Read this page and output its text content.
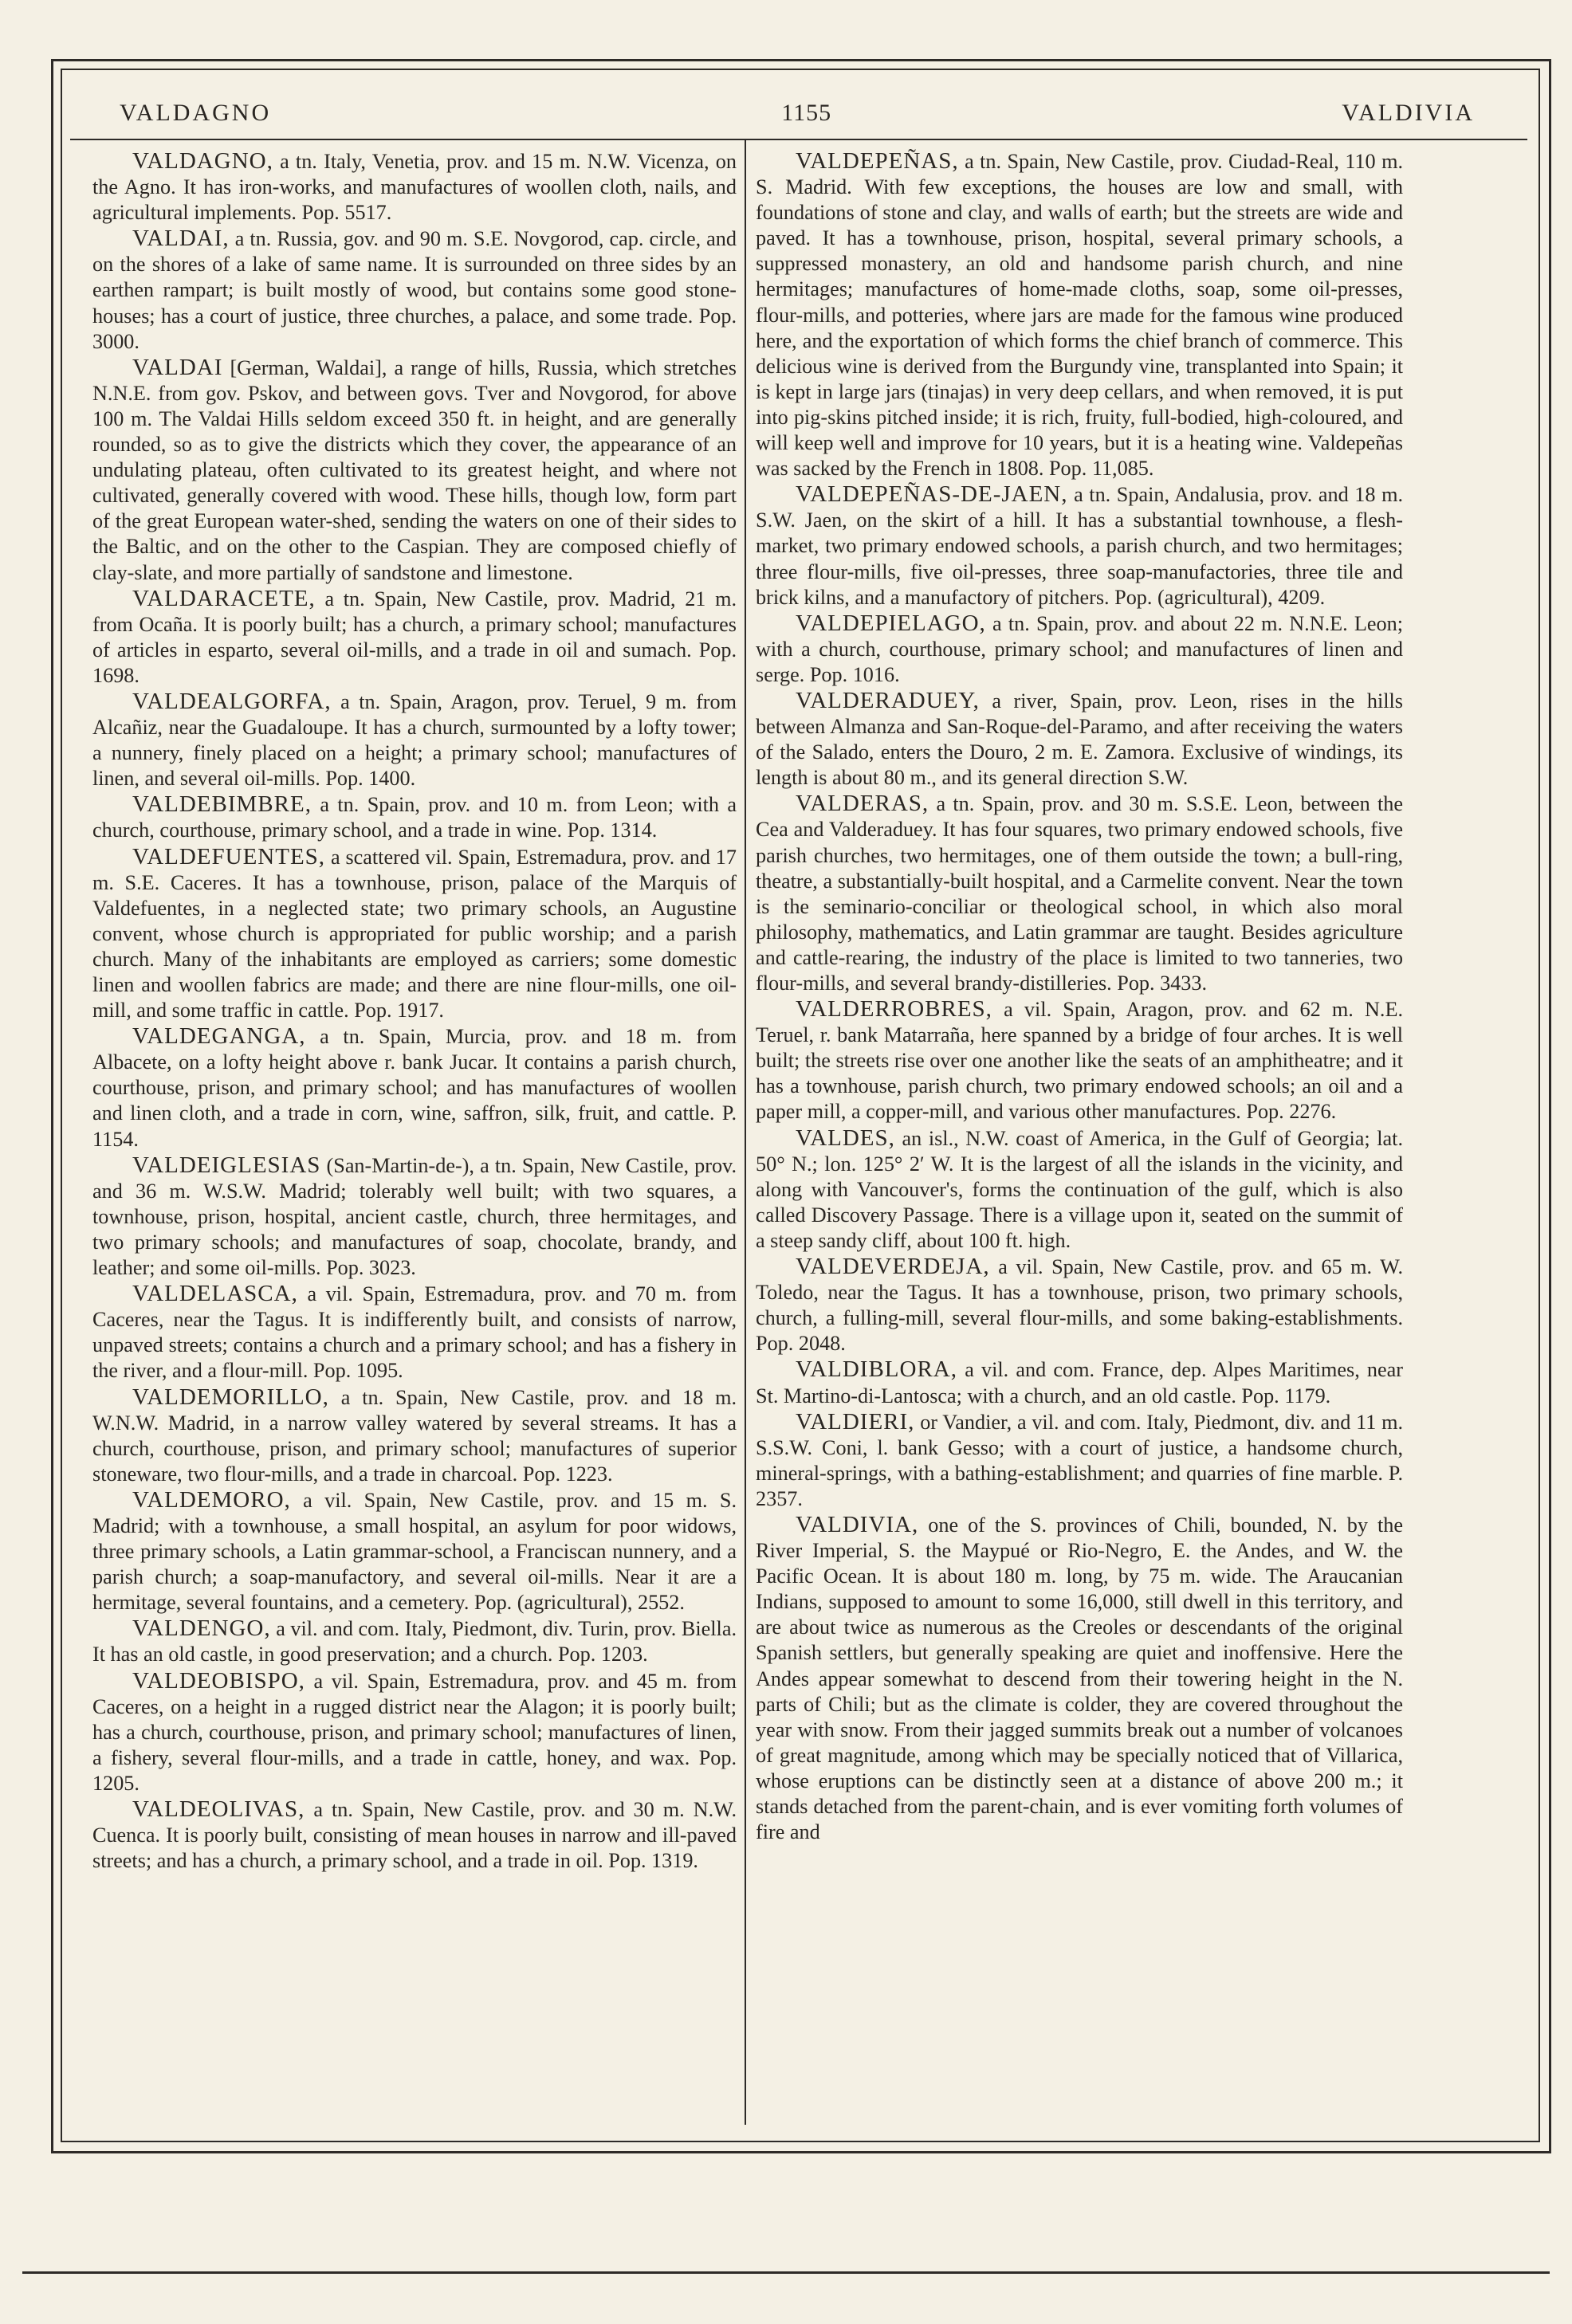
VALDAGNO	1155	VALDIVIA

VALDAGNO, a tn. Italy, Venetia, prov. and 15 m. N.W. Vicenza, on the Agno. It has iron-works, and manufactures of woollen cloth, nails, and agricultural implements. Pop. 5517.

VALDAI, a tn. Russia, gov. and 90 m. S.E. Novgorod, cap. circle, and on the shores of a lake of same name. It is surrounded on three sides by an earthen rampart; is built mostly of wood, but contains some good stone-houses; has a court of justice, three churches, a palace, and some trade. Pop. 3000.

VALDAI [German, Waldai], a range of hills, Russia, which stretches N.N.E. from gov. Pskov, and between govs. Tver and Novgorod, for above 100 m. The Valdai Hills seldom exceed 350 ft. in height, and are generally rounded, so as to give the districts which they cover, the appearance of an undulating plateau, often cultivated to its greatest height, and where not cultivated, generally covered with wood. These hills, though low, form part of the great European water-shed, sending the waters on one of their sides to the Baltic, and on the other to the Caspian. They are composed chiefly of clay-slate, and more partially of sandstone and limestone.

VALDARACETE, a tn. Spain, New Castile, prov. Madrid, 21 m. from Ocaña. It is poorly built; has a church, a primary school; manufactures of articles in esparto, several oil-mills, and a trade in oil and sumach. Pop. 1698.

VALDEALGORFA, a tn. Spain, Aragon, prov. Teruel, 9 m. from Alcañiz, near the Guadaloupe. It has a church, surmounted by a lofty tower; a nunnery, finely placed on a height; a primary school; manufactures of linen, and several oil-mills. Pop. 1400.

VALDEBIMBRE, a tn. Spain, prov. and 10 m. from Leon; with a church, courthouse, primary school, and a trade in wine. Pop. 1314.

VALDEFUENTES, a scattered vil. Spain, Estremadura, prov. and 17 m. S.E. Caceres. It has a townhouse, prison, palace of the Marquis of Valdefuentes, in a neglected state; two primary schools, an Augustine convent, whose church is appropriated for public worship; and a parish church. Many of the inhabitants are employed as carriers; some domestic linen and woollen fabrics are made; and there are nine flour-mills, one oil-mill, and some traffic in cattle. Pop. 1917.

VALDEGANGA, a tn. Spain, Murcia, prov. and 18 m. from Albacete, on a lofty height above r. bank Jucar. It contains a parish church, courthouse, prison, and primary school; and has manufactures of woollen and linen cloth, and a trade in corn, wine, saffron, silk, fruit, and cattle. P. 1154.

VALDEIGLESIAS (San-Martin-de-), a tn. Spain, New Castile, prov. and 36 m. W.S.W. Madrid; tolerably well built; with two squares, a townhouse, prison, hospital, ancient castle, church, three hermitages, and two primary schools; and manufactures of soap, chocolate, brandy, and leather; and some oil-mills. Pop. 3023.

VALDELASCA, a vil. Spain, Estremadura, prov. and 70 m. from Caceres, near the Tagus. It is indifferently built, and consists of narrow, unpaved streets; contains a church and a primary school; and has a fishery in the river, and a flour-mill. Pop. 1095.

VALDEMORILLO, a tn. Spain, New Castile, prov. and 18 m. W.N.W. Madrid, in a narrow valley watered by several streams. It has a church, courthouse, prison, and primary school; manufactures of superior stoneware, two flour-mills, and a trade in charcoal. Pop. 1223.

VALDEMORO, a vil. Spain, New Castile, prov. and 15 m. S. Madrid; with a townhouse, a small hospital, an asylum for poor widows, three primary schools, a Latin grammar-school, a Franciscan nunnery, and a parish church; a soap-manufactory, and several oil-mills. Near it are a hermitage, several fountains, and a cemetery. Pop. (agricultural), 2552.

VALDENGO, a vil. and com. Italy, Piedmont, div. Turin, prov. Biella. It has an old castle, in good preservation; and a church. Pop. 1203.

VALDEOBISPO, a vil. Spain, Estremadura, prov. and 45 m. from Caceres, on a height in a rugged district near the Alagon; it is poorly built; has a church, courthouse, prison, and primary school; manufactures of linen, a fishery, several flour-mills, and a trade in cattle, honey, and wax. Pop. 1205.

VALDEOLIVAS, a tn. Spain, New Castile, prov. and 30 m. N.W. Cuenca. It is poorly built, consisting of mean houses in narrow and ill-paved streets; and has a church, a primary school, and a trade in oil. Pop. 1319.

VALDEPEÑAS, a tn. Spain, New Castile, prov. Ciudad-Real, 110 m. S. Madrid. With few exceptions, the houses are low and small, with foundations of stone and clay, and walls of earth; but the streets are wide and paved. It has a townhouse, prison, hospital, several primary schools, a suppressed monastery, an old and handsome parish church, and nine hermitages; manufactures of home-made cloths, soap, some oil-presses, flour-mills, and potteries, where jars are made for the famous wine produced here, and the exportation of which forms the chief branch of commerce. This delicious wine is derived from the Burgundy vine, transplanted into Spain; it is kept in large jars (tinajas) in very deep cellars, and when removed, it is put into pig-skins pitched inside; it is rich, fruity, full-bodied, high-coloured, and will keep well and improve for 10 years, but it is a heating wine. Valdepeñas was sacked by the French in 1808. Pop. 11,085.

VALDEPEÑAS-DE-JAEN, a tn. Spain, Andalusia, prov. and 18 m. S.W. Jaen, on the skirt of a hill. It has a substantial townhouse, a flesh-market, two primary endowed schools, a parish church, and two hermitages; three flour-mills, five oil-presses, three soap-manufactories, three tile and brick kilns, and a manufactory of pitchers. Pop. (agricultural), 4209.

VALDEPIELAGO, a tn. Spain, prov. and about 22 m. N.N.E. Leon; with a church, courthouse, primary school; and manufactures of linen and serge. Pop. 1016.

VALDERADUEY, a river, Spain, prov. Leon, rises in the hills between Almanza and San-Roque-del-Paramo, and after receiving the waters of the Salado, enters the Douro, 2 m. E. Zamora. Exclusive of windings, its length is about 80 m., and its general direction S.W.

VALDERAS, a tn. Spain, prov. and 30 m. S.S.E. Leon, between the Cea and Valderaduey. It has four squares, two primary endowed schools, five parish churches, two hermitages, one of them outside the town; a bull-ring, theatre, a substantially-built hospital, and a Carmelite convent. Near the town is the seminario-conciliar or theological school, in which also moral philosophy, mathematics, and Latin grammar are taught. Besides agriculture and cattle-rearing, the industry of the place is limited to two tanneries, two flour-mills, and several brandy-distilleries. Pop. 3433.

VALDERROBRES, a vil. Spain, Aragon, prov. and 62 m. N.E. Teruel, r. bank Matarraña, here spanned by a bridge of four arches. It is well built; the streets rise over one another like the seats of an amphitheatre; and it has a townhouse, parish church, two primary endowed schools; an oil and a paper mill, a copper-mill, and various other manufactures. Pop. 2276.

VALDES, an isl., N.W. coast of America, in the Gulf of Georgia; lat. 50° N.; lon. 125° 2′ W. It is the largest of all the islands in the vicinity, and along with Vancouver's, forms the continuation of the gulf, which is also called Discovery Passage. There is a village upon it, seated on the summit of a steep sandy cliff, about 100 ft. high.

VALDEVERDEJA, a vil. Spain, New Castile, prov. and 65 m. W. Toledo, near the Tagus. It has a townhouse, prison, two primary schools, church, a fulling-mill, several flour-mills, and some baking-establishments. Pop. 2048.

VALDIBLORA, a vil. and com. France, dep. Alpes Maritimes, near St. Martino-di-Lantosca; with a church, and an old castle. Pop. 1179.

VALDIERI, or Vandier, a vil. and com. Italy, Piedmont, div. and 11 m. S.S.W. Coni, l. bank Gesso; with a court of justice, a handsome church, mineral-springs, with a bathing-establishment; and quarries of fine marble. P. 2357.

VALDIVIA, one of the S. provinces of Chili, bounded, N. by the River Imperial, S. the Maypué or Rio-Negro, E. the Andes, and W. the Pacific Ocean. It is about 180 m. long, by 75 m. wide. The Araucanian Indians, supposed to amount to some 16,000, still dwell in this territory, and are about twice as numerous as the Creoles or descendants of the original Spanish settlers, but generally speaking are quiet and inoffensive. Here the Andes appear somewhat to descend from their towering height in the N. parts of Chili; but as the climate is colder, they are covered throughout the year with snow. From their jagged summits break out a number of volcanoes of great magnitude, among which may be specially noticed that of Villarica, whose eruptions can be distinctly seen at a distance of above 200 m.; it stands detached from the parent-chain, and is ever vomiting forth volumes of fire and
